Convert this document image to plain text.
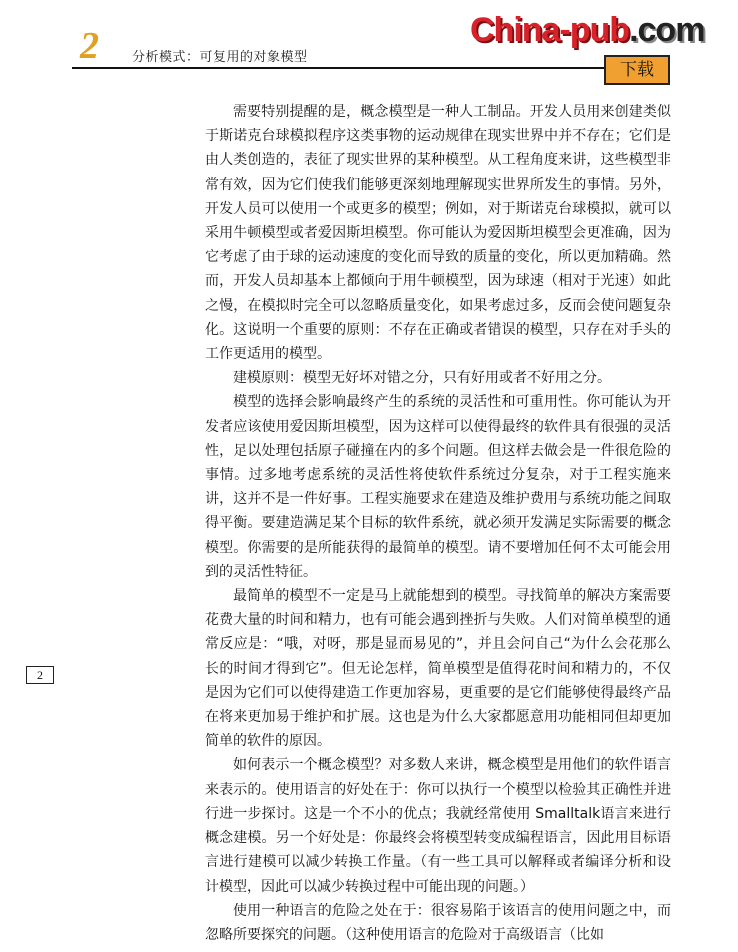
2	分析模式：可复用的对象模型
China-pub.com
下载
2

需要特别提醒的是，概念模型是一种人工制品。开发人员用来创建类似于斯诺克台球模拟程序这类事物的运动规律在现实世界中并不存在；它们是由人类创造的，表征了现实世界的某种模型。从工程角度来讲，这些模型非常有效，因为它们使我们能够更深刻地理解现实世界所发生的事情。另外，开发人员可以使用一个或更多的模型；例如，对于斯诺克台球模拟，就可以采用牛顿模型或者爱因斯坦模型。你可能认为爱因斯坦模型会更准确，因为它考虑了由于球的运动速度的变化而导致的质量的变化，所以更加精确。然而，开发人员却基本上都倾向于用牛顿模型，因为球速（相对于光速）如此之慢，在模拟时完全可以忽略质量变化，如果考虑过多，反而会使问题复杂化。这说明一个重要的原则：不存在正确或者错误的模型，只存在对手头的工作更适用的模型。

建模原则：模型无好坏对错之分，只有好用或者不好用之分。

模型的选择会影响最终产生的系统的灵活性和可重用性。你可能认为开发者应该使用爱因斯坦模型，因为这样可以使得最终的软件具有很强的灵活性，足以处理包括原子碰撞在内的多个问题。但这样去做会是一件很危险的事情。过多地考虑系统的灵活性将使软件系统过分复杂，对于工程实施来讲，这并不是一件好事。工程实施要求在建造及维护费用与系统功能之间取得平衡。要建造满足某个目标的软件系统，就必须开发满足实际需要的概念模型。你需要的是所能获得的最简单的模型。请不要增加任何不太可能会用到的灵活性特征。

最简单的模型不一定是马上就能想到的模型。寻找简单的解决方案需要花费大量的时间和精力，也有可能会遇到挫折与失败。人们对简单模型的通常反应是：“哦，对呀，那是显而易见的”，并且会问自己“为什么会花那么长的时间才得到它”。但无论怎样，简单模型是值得花时间和精力的，不仅是因为它们可以使得建造工作更加容易，更重要的是它们能够使得最终产品在将来更加易于维护和扩展。这也是为什么大家都愿意用功能相同但却更加简单的软件的原因。

如何表示一个概念模型？对多数人来讲，概念模型是用他们的软件语言来表示的。使用语言的好处在于：你可以执行一个模型以检验其正确性并进行进一步探讨。这是一个不小的优点；我就经常使用 Smalltalk语言来进行概念建模。另一个好处是：你最终会将模型转变成编程语言，因此用目标语言进行建模可以减少转换工作量。（有一些工具可以解释或者编译分析和设计模型，因此可以减少转换过程中可能出现的问题。）

使用一种语言的危险之处在于：很容易陷于该语言的使用问题之中，而忽略所要探究的问题。（这种使用语言的危险对于高级语言（比如
